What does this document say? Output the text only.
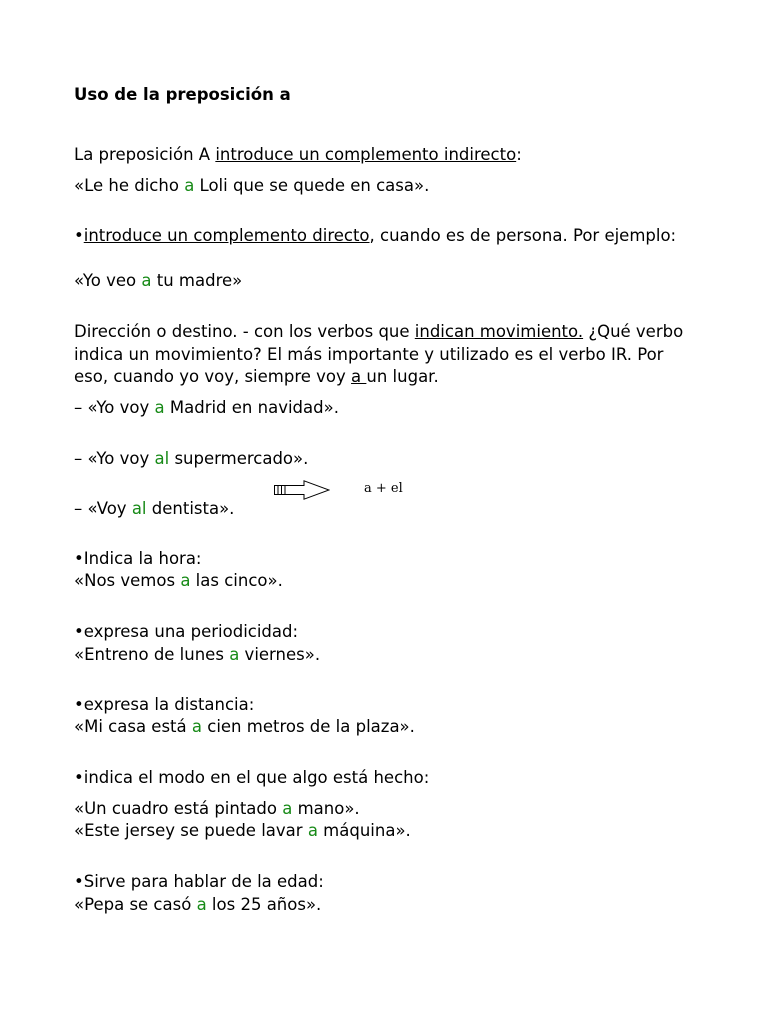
Uso de la preposición a
La preposición A introduce un complemento indirecto:
«Le he dicho a Loli que se quede en casa».
•introduce un complemento directo, cuando es de persona. Por ejemplo:
«Yo veo a tu madre»
Dirección o destino. - con los verbos que indican movimiento. ¿Qué verbo indica un movimiento? El más importante y utilizado es el verbo IR. Por eso, cuando yo voy, siempre voy a un lugar.
– «Yo voy a Madrid en navidad».
– «Yo voy al supermercado».
a + el
– «Voy al dentista».
•Indica la hora:
«Nos vemos a las cinco».
•expresa una periodicidad:
«Entreno de lunes a viernes».
•expresa la distancia:
«Mi casa está a cien metros de la plaza».
•indica el modo en el que algo está hecho:
«Un cuadro está pintado a mano».
«Este jersey se puede lavar a máquina».
•Sirve para hablar de la edad:
«Pepa se casó a los 25 años».
